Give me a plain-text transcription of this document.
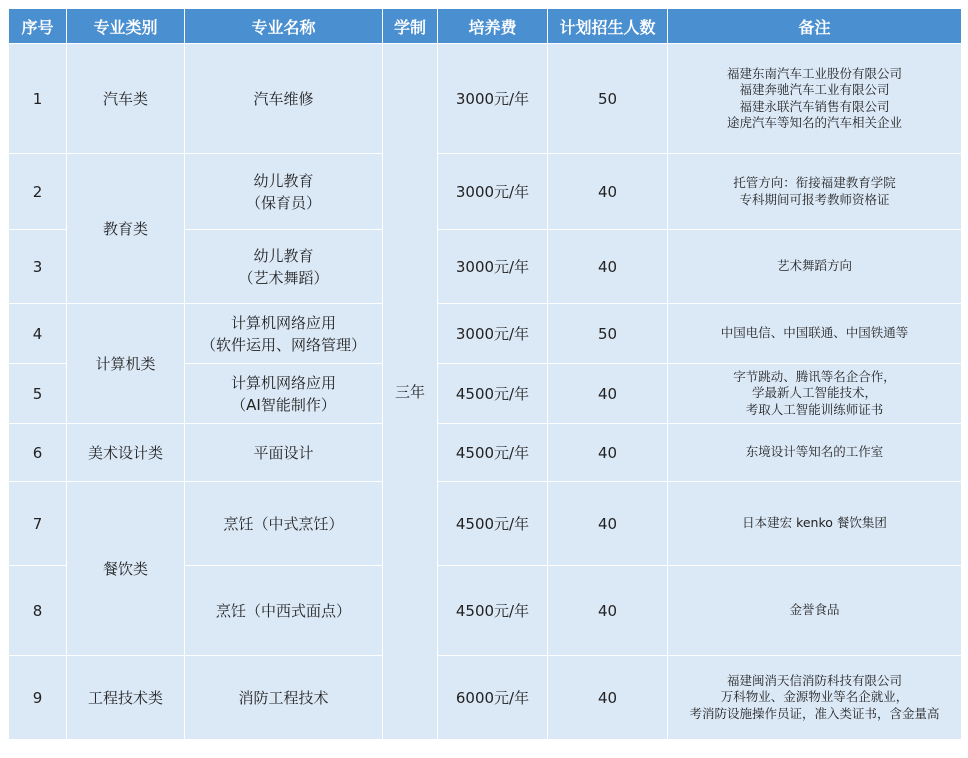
序号	专业类别	专业名称	学制	培养费	计划招生人数	备注
1	汽车类	汽车维修	三年	3000元/年	50	福建东南汽车工业股份有限公司
福建奔驰汽车工业有限公司
福建永联汽车销售有限公司
途虎汽车等知名的汽车相关企业

2	教育类	幼儿教育
（保育员）		3000元/年	40	托管方向：衔接福建教育学院
专科期间可报考教师资格证

3		幼儿教育
（艺术舞蹈）		3000元/年	40	艺术舞蹈方向

4	计算机类	计算机网络应用
（软件运用、网络管理）		3000元/年	50	中国电信、中国联通、中国铁通等

5		计算机网络应用
（AI智能制作）		4500元/年	40	字节跳动、腾讯等名企合作，
学最新人工智能技术，
考取人工智能训练师证书

6	美术设计类	平面设计		4500元/年	40	东境设计等知名的工作室

7	餐饮类	烹饪（中式烹饪）		4500元/年	40	日本建宏 kenko 餐饮集团

8		烹饪（中西式面点）		4500元/年	40	金誉食品

9	工程技术类	消防工程技术		6000元/年	40	福建闽消天信消防科技有限公司
万科物业、金源物业等名企就业，
考消防设施操作员证，准入类证书，含金量高
